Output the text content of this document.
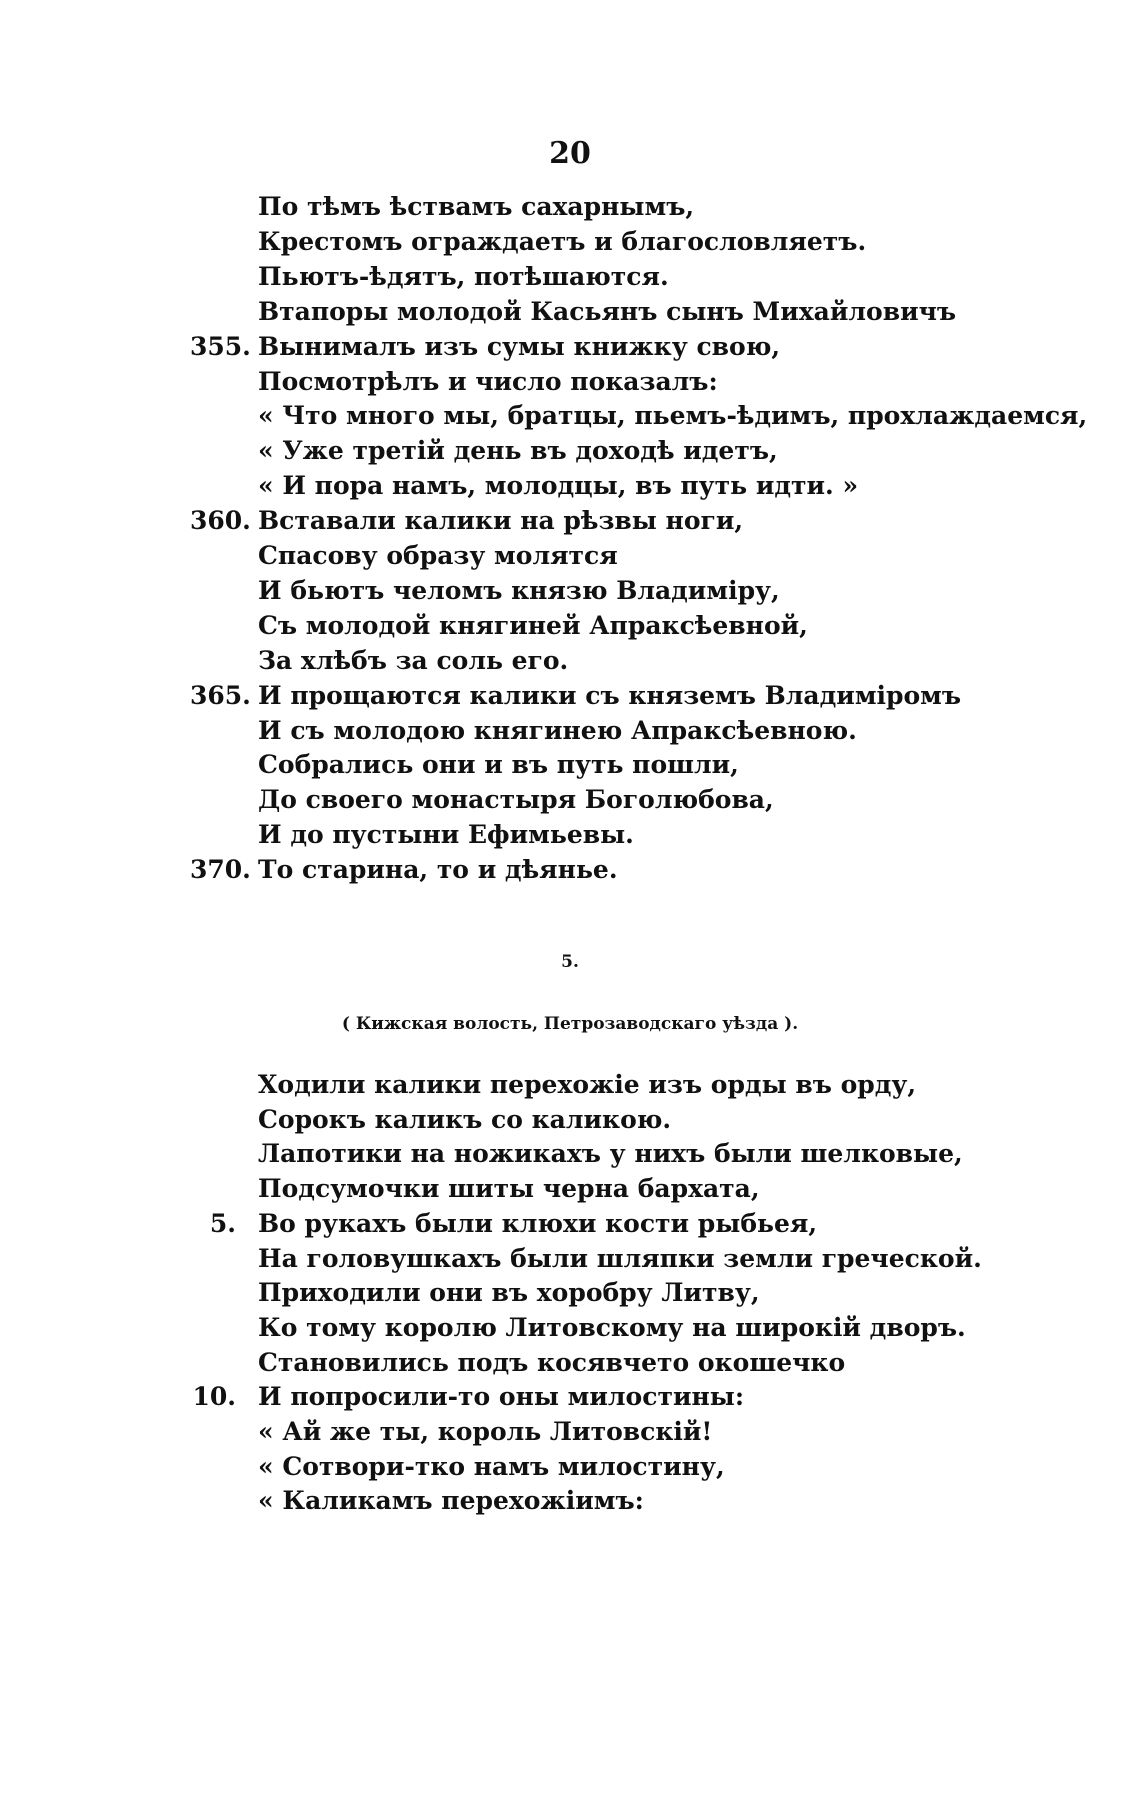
20
По тѣмъ ѣствамъ сахарнымъ,
Крестомъ ограждаетъ и благословляетъ.
Пьютъ-ѣдятъ, потѣшаются.
Втапоры молодой Касьянъ сынъ Михайловичъ
355. Вынималъ изъ сумы книжку свою,
Посмотрѣлъ и число показалъ:
« Что много мы, братцы, пьемъ-ѣдимъ, прохлаждаемся,
« Уже третій день въ доходѣ идетъ,
« И пора намъ, молодцы, въ путь идти. »
360. Вставали калики на рѣзвы ноги,
Спасову образу молятся
И бьютъ челомъ князю Владиміру,
Съ молодой княгиней Апраксѣевной,
За хлѣбъ за соль его.
365. И прощаются калики съ княземъ Владиміромъ
И съ молодою княгинею Апраксѣевною.
Собрались они и въ путь пошли,
До своего монастыря Боголюбова,
И до пустыни Ефимьевы.
370. То старина, то и дѣянье.
5.
( Кижская волость, Петрозаводскаго уѣзда ).
Ходили калики перехожіе изъ орды въ орду,
Сорокъ каликъ со каликою.
Лапотики на ножикахъ у нихъ были шелковые,
Подсумочки шиты черна бархата,
5. Во рукахъ были клюхи кости рыбьея,
На головушкахъ были шляпки земли греческой.
Приходили они въ хоробру Литву,
Ко тому королю Литовскому на широкій дворъ.
Становились подъ косявчето окошечко
10. И попросили-то оны милостины:
« Ай же ты, король Литовскій!
« Сотвори-тко намъ милостину,
« Каликамъ перехожіимъ:
